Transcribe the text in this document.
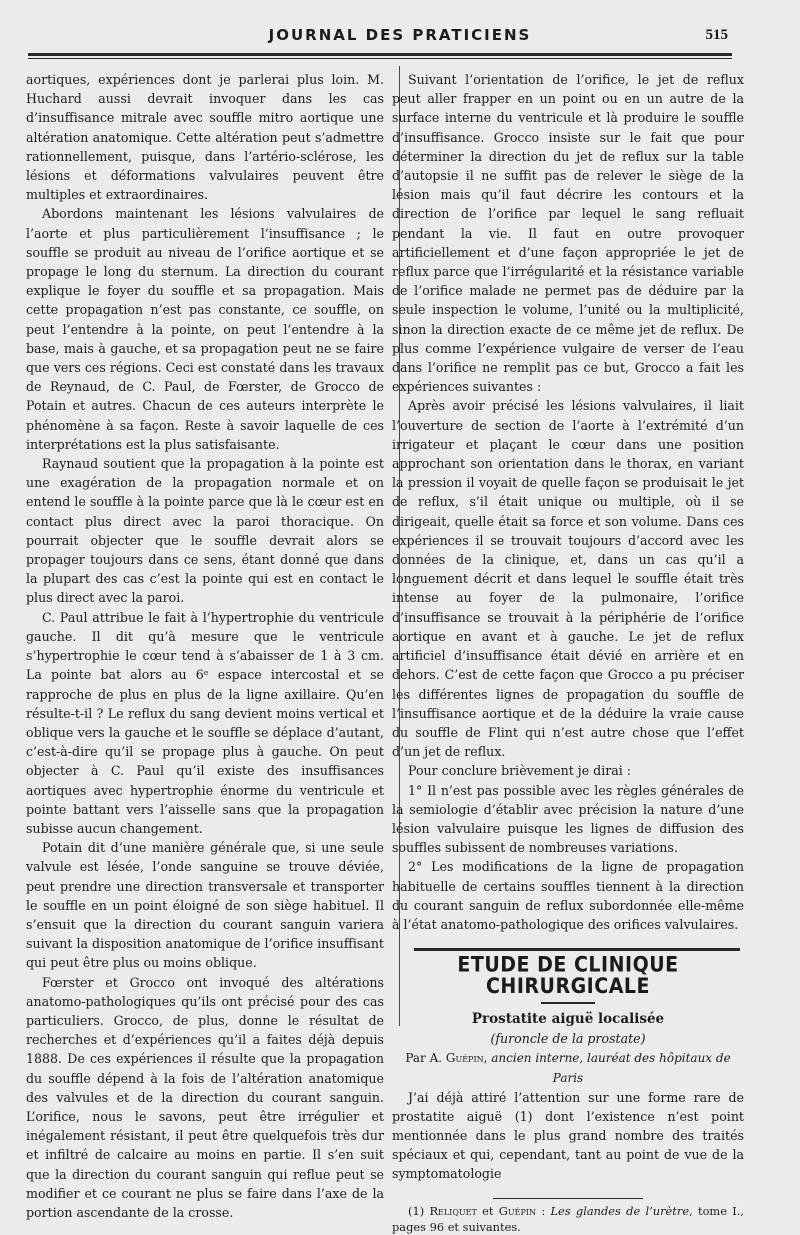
JOURNAL DES PRATICIENS	515

aortiques, expériences dont je parlerai plus loin. M. Huchard aussi devrait invoquer dans les cas d’insuffisance mitrale avec souffle mitro aortique une altération anatomique. Cette altération peut s’admettre rationnellement, puisque, dans l’artério-sclérose, les lésions et déformations valvulaires peuvent être multiples et extraordinaires.

Abordons maintenant les lésions valvulaires de l’aorte et plus particulièrement l’insuffisance ; le souffle se produit au niveau de l’orifice aortique et se propage le long du sternum. La direction du courant explique le foyer du souffle et sa propagation. Mais cette propagation n’est pas constante, ce souffle, on peut l’entendre à la pointe, on peut l’entendre à la base, mais à gauche, et sa propagation peut ne se faire que vers ces régions. Ceci est constaté dans les travaux de Reynaud, de C. Paul, de Fœrster, de Grocco de Potain et autres. Chacun de ces auteurs interprète le phénomène à sa façon. Reste à savoir laquelle de ces interprétations est la plus satisfaisante.

Raynaud soutient que la propagation à la pointe est une exagération de la propagation normale et on entend le souffle à la pointe parce que là le cœur est en contact plus direct avec la paroi thoracique. On pourrait objecter que le souffle devrait alors se propager toujours dans ce sens, étant donné que dans la plupart des cas c’est la pointe qui est en contact le plus direct avec la paroi.

C. Paul attribue le fait à l’hypertrophie du ventricule gauche. Il dit qu’à mesure que le ventricule s’hypertrophie le cœur tend à s’abaisser de 1 à 3 cm. La pointe bat alors au 6ᵉ espace intercostal et se rapproche de plus en plus de la ligne axillaire. Qu’en résulte-t-il ? Le reflux du sang devient moins vertical et oblique vers la gauche et le souffle se déplace d’autant, c’est-à-dire qu’il se propage plus à gauche. On peut objecter à C. Paul qu’il existe des insuffisances aortiques avec hypertrophie énorme du ventricule et pointe battant vers l’aisselle sans que la propagation subisse aucun changement.

Potain dit d’une manière générale que, si une seule valvule est lésée, l’onde sanguine se trouve déviée, peut prendre une direction transversale et transporter le souffle en un point éloigné de son siège habituel. Il s’ensuit que la direction du courant sanguin variera suivant la disposition anatomique de l’orifice insuffisant qui peut être plus ou moins oblique.

Fœrster et Grocco ont invoqué des altérations anatomo-pathologiques qu’ils ont précisé pour des cas particuliers. Grocco, de plus, donne le résultat de recherches et d’expériences qu’il a faites déjà depuis 1888. De ces expériences il résulte que la propagation du souffle dépend à la fois de l’altération anatomique des valvules et de la direction du courant sanguin. L’orifice, nous le savons, peut être irrégulier et inégalement résistant, il peut être quelquefois très dur et infiltré de calcaire au moins en partie. Il s’en suit que la direction du courant sanguin qui reflue peut se modifier et ce courant ne plus se faire dans l’axe de la portion ascendante de la crosse.

Suivant l’orientation de l’orifice, le jet de reflux peut aller frapper en un point ou en un autre de la surface interne du ventricule et là produire le souffle d’insuffisance. Grocco insiste sur le fait que pour déterminer la direction du jet de reflux sur la table d’autopsie il ne suffit pas de relever le siège de la lésion mais qu’il faut décrire les contours et la direction de l’orifice par lequel le sang refluait pendant la vie. Il faut en outre provoquer artificiellement et d’une façon appropriée le jet de reflux parce que l’irrégularité et la résistance variable de l’orifice malade ne permet pas de déduire par la seule inspection le volume, l’unité ou la multiplicité, sinon la direction exacte de ce même jet de reflux. De plus comme l’expérience vulgaire de verser de l’eau dans l’orifice ne remplit pas ce but, Grocco a fait les expériences suivantes :

Après avoir précisé les lésions valvulaires, il liait l’ouverture de section de l’aorte à l’extrémité d’un irrigateur et plaçant le cœur dans une position approchant son orientation dans le thorax, en variant la pression il voyait de quelle façon se produisait le jet de reflux, s’il était unique ou multiple, où il se dirigeait, quelle était sa force et son volume. Dans ces expériences il se trouvait toujours d’accord avec les données de la clinique, et, dans un cas qu’il a longuement décrit et dans lequel le souffle était très intense au foyer de la pulmonaire, l’orifice d’insuffisance se trouvait à la périphérie de l’orifice aortique en avant et à gauche. Le jet de reflux artificiel d’insuffisance était dévié en arrière et en dehors. C’est de cette façon que Grocco a pu préciser les différentes lignes de propagation du souffle de l’insuffisance aortique et de la déduire la vraie cause du souffle de Flint qui n’est autre chose que l’effet d’un jet de reflux.

Pour conclure brièvement je dirai :

1° Il n’est pas possible avec les règles générales de la semiologie d’établir avec précision la nature d’une lésion valvulaire puisque les lignes de diffusion des souffles subissent de nombreuses variations.

2° Les modifications de la ligne de propagation habituelle de certains souffles tiennent à la direction du courant sanguin de reflux subordonnée elle-même à l’état anatomo-pathologique des orifices valvulaires.

ETUDE DE CLINIQUE CHIRURGICALE
Prostatite aiguë localisée
(furoncle de la prostate)
Par A. Guépin, ancien interne, lauréat des hôpitaux de Paris

J’ai déjà attiré l’attention sur une forme rare de prostatite aiguë (1) dont l’existence n’est point mentionnée dans le plus grand nombre des traités spéciaux et qui, cependant, tant au point de vue de la symptomatologie

(1) Reliquet et Guépin : Les glandes de l’urètre, tome I., pages 96 et suivantes.
